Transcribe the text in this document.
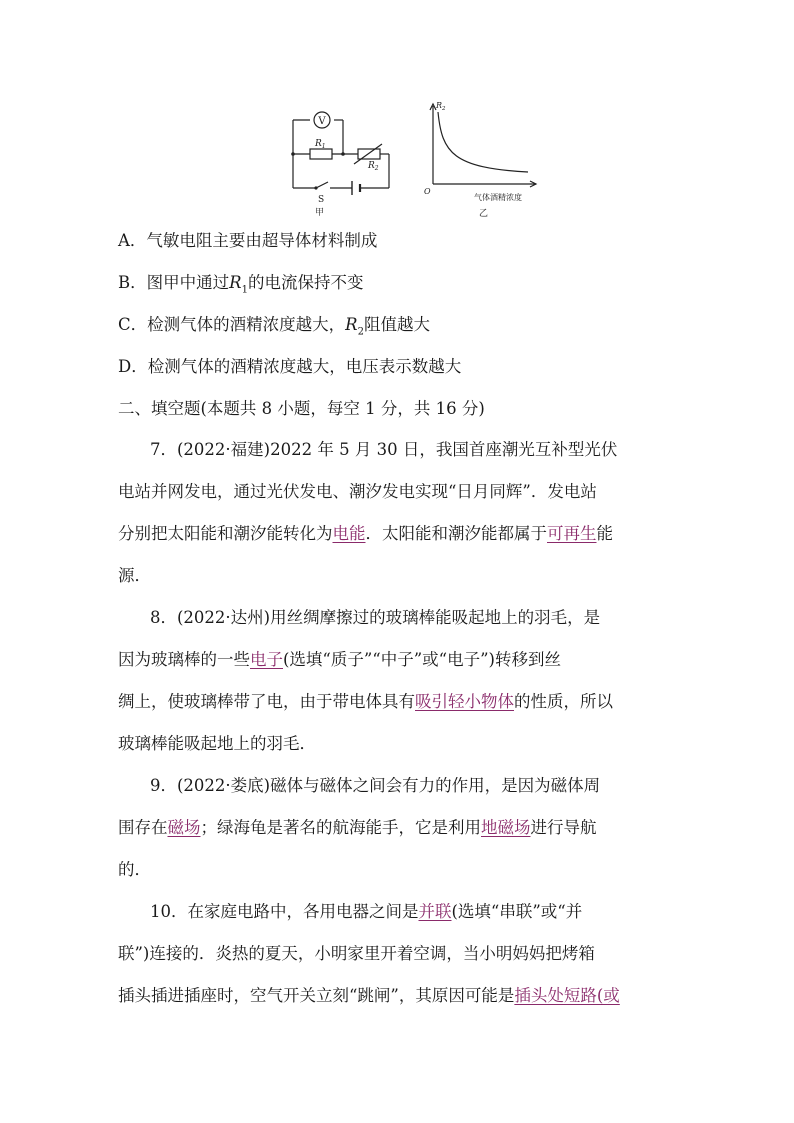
V
$R_1$
$R_2$
S
甲
$R_2$
O
气体酒精浓度
乙
A．气敏电阻主要由超导体材料制成
B．图甲中通过$R_1$的电流保持不变
C．检测气体的酒精浓度越大，$R_2$阻值越大
D．检测气体的酒精浓度越大，电压表示数越大
二、填空题(本题共 8 小题，每空 1 分，共 16 分)
7．(2022·福建)2022 年 5 月 30 日，我国首座潮光互补型光伏
电站并网发电，通过光伏发电、潮汐发电实现“日月同辉”．发电站
分别把太阳能和潮汐能转化为电能．太阳能和潮汐能都属于可再生能
源．
8．(2022·达州)用丝绸摩擦过的玻璃棒能吸起地上的羽毛，是
因为玻璃棒的一些电子(选填“质子”“中子”或“电子”)转移到丝
绸上，使玻璃棒带了电，由于带电体具有吸引轻小物体的性质，所以
玻璃棒能吸起地上的羽毛．
9．(2022·娄底)磁体与磁体之间会有力的作用，是因为磁体周
围存在磁场；绿海龟是著名的航海能手，它是利用地磁场进行导航
的．
10．在家庭电路中，各用电器之间是并联(选填“串联”或“并
联”)连接的．炎热的夏天，小明家里开着空调，当小明妈妈把烤箱
插头插进插座时，空气开关立刻“跳闸”，其原因可能是插头处短路(或
